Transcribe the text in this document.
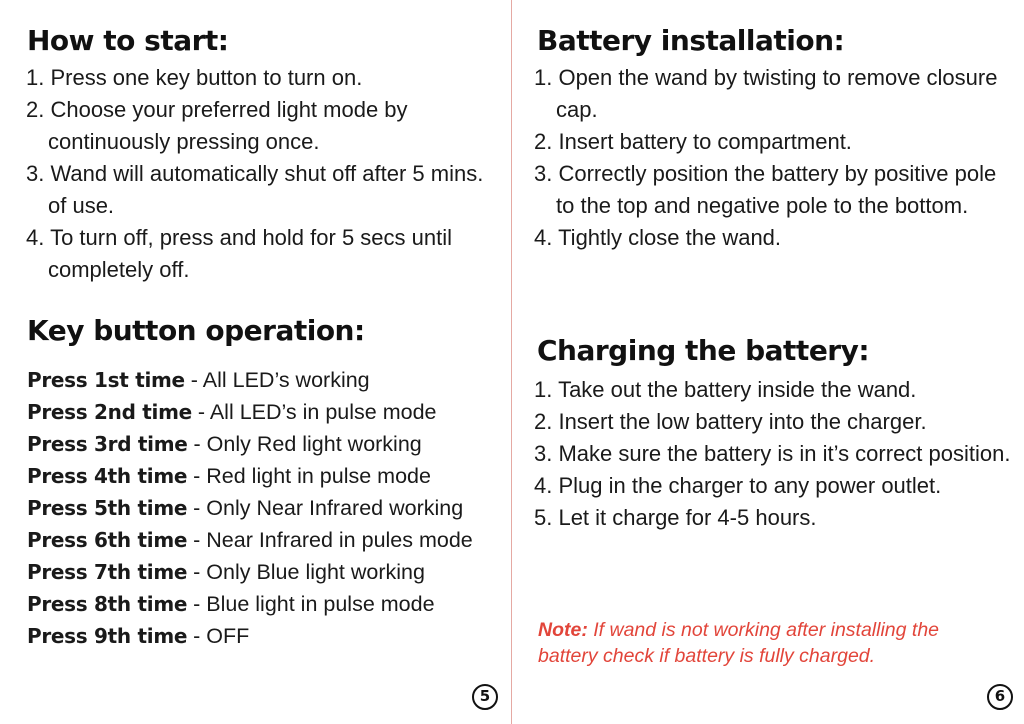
How to start:
1. Press one key button to turn on.
2. Choose your preferred light mode by continuously pressing once.
3. Wand will automatically shut off after 5 mins. of use.
4. To turn off, press and hold for 5 secs until completely off.
Key button operation:
Press 1st time - All LED’s working
Press 2nd time - All LED’s in pulse mode
Press 3rd time - Only Red light working
Press 4th time - Red light in pulse mode
Press 5th time - Only Near Infrared working
Press 6th time - Near Infrared in pules mode
Press 7th time - Only Blue light working
Press 8th time - Blue light in pulse mode
Press 9th time - OFF
5
Battery installation:
1. Open the wand by twisting to remove closure cap.
2. Insert battery to compartment.
3. Correctly position the battery by positive pole to the top and negative pole to the bottom.
4. Tightly close the wand.
Charging the battery:
1. Take out the battery inside the wand.
2. Insert the low battery into the charger.
3. Make sure the battery is in it’s correct position.
4. Plug in the charger to any power outlet.
5. Let it charge for 4-5 hours.

Note: If wand is not working after installing the battery check if battery is fully charged.

6
